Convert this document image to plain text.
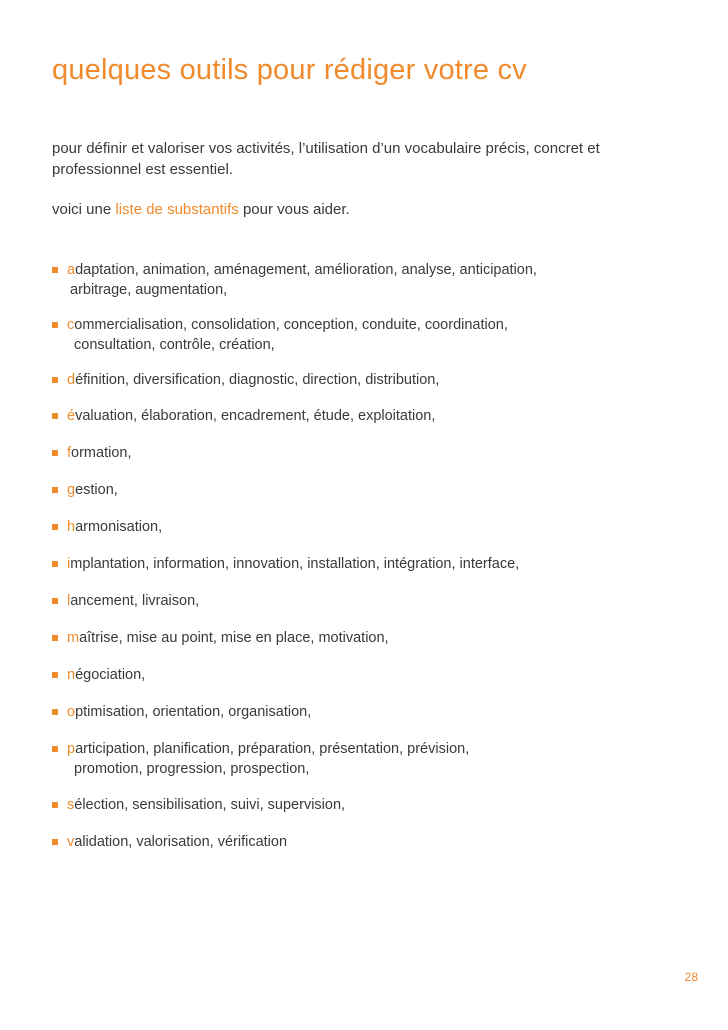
quelques outils pour rédiger votre cv

pour définir et valoriser vos activités, l’utilisation d’un vocabulaire précis, concret et professionnel est essentiel.

voici une liste de substantifs pour vous aider.

adaptation, animation, aménagement, amélioration, analyse, anticipation,
arbitrage, augmentation,
commercialisation, consolidation, conception, conduite, coordination,
consultation, contrôle, création,
définition, diversification, diagnostic, direction, distribution,
évaluation, élaboration, encadrement, étude, exploitation,
formation,
gestion,
harmonisation,
implantation, information, innovation, installation, intégration, interface,
lancement, livraison,
maîtrise, mise au point, mise en place, motivation,
négociation,
optimisation, orientation, organisation,
participation, planification, préparation, présentation, prévision,
promotion, progression, prospection,
sélection, sensibilisation, suivi, supervision,
validation, valorisation, vérification
28
